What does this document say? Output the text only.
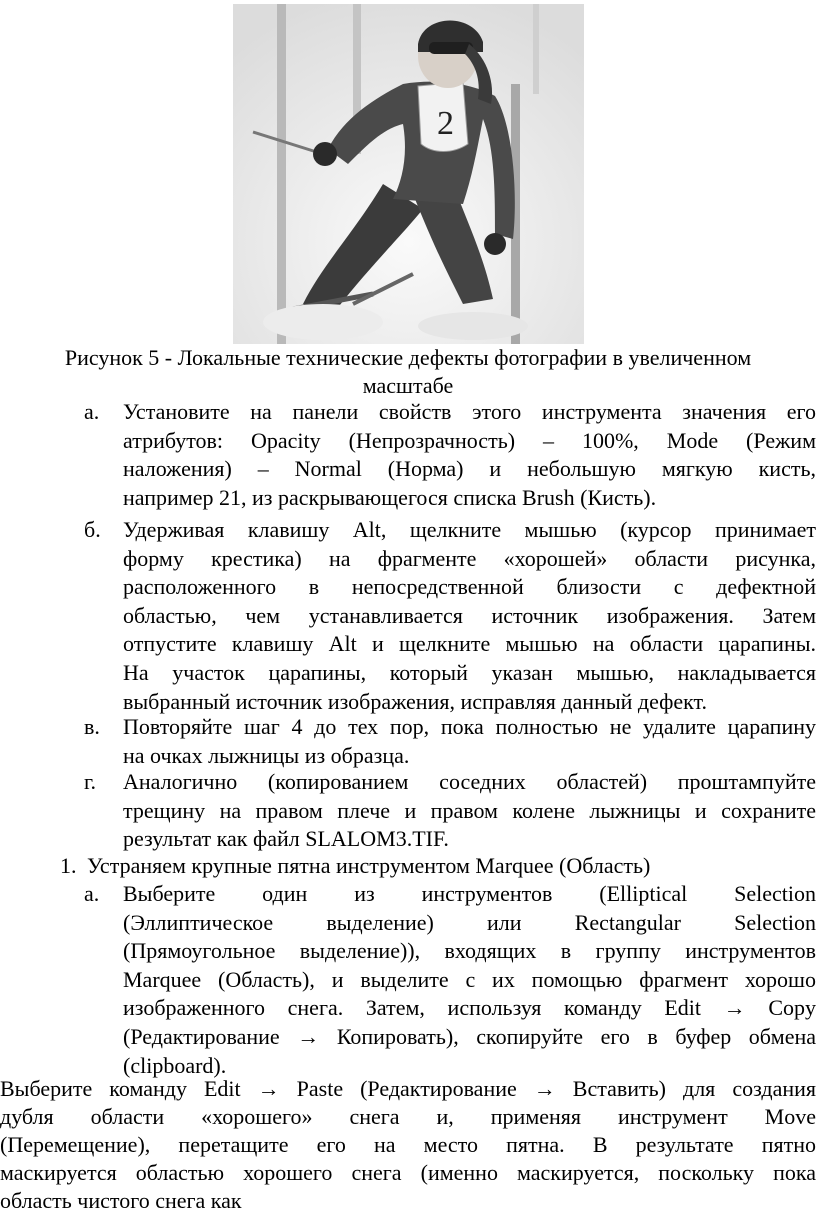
2
Рисунок 5 - Локальные технические дефекты фотографии в увеличенном
масштабе
а. Установите на панели свойств этого инструмента значения его
атрибутов: Opacity (Непрозрачность) – 100%, Mode (Режим
наложения) – Normal (Норма) и небольшую мягкую кисть,
например 21, из раскрывающегося списка Brush (Кисть).
б. Удерживая клавишу Alt, щелкните мышью (курсор принимает
форму крестика) на фрагменте «хорошей» области рисунка,
расположенного в непосредственной близости с дефектной
областью, чем устанавливается источник изображения. Затем
отпустите клавишу Alt и щелкните мышью на области царапины.
На участок царапины, который указан мышью, накладывается
выбранный источник изображения, исправляя данный дефект.
в. Повторяйте шаг 4 до тех пор, пока полностью не удалите царапину
на очках лыжницы из образца.
г. Аналогично (копированием соседних областей) проштампуйте
трещину на правом плече и правом колене лыжницы и сохраните
результат как файл SLALOM3.TIF.
1. Устраняем крупные пятна инструментом Marquee (Область)
a. Выберите один из инструментов (Elliptical Selection
(Эллиптическое выделение) или Rectangular Selection
(Прямоугольное выделение)), входящих в группу инструментов
Marquee (Область), и выделите с их помощью фрагмент хорошо
изображенного снега. Затем, используя команду Edit → Copy
(Редактирование → Копировать), скопируйте его в буфер обмена
(clipboard).
Выберите команду Edit → Paste (Редактирование → Вставить) для создания
дубля области «хорошего» снега и, применяя инструмент Move
(Перемещение), перетащите его на место пятна. В результате пятно
маскируется областью хорошего снега (именно маскируется, поскольку пока
область чистого снега как
